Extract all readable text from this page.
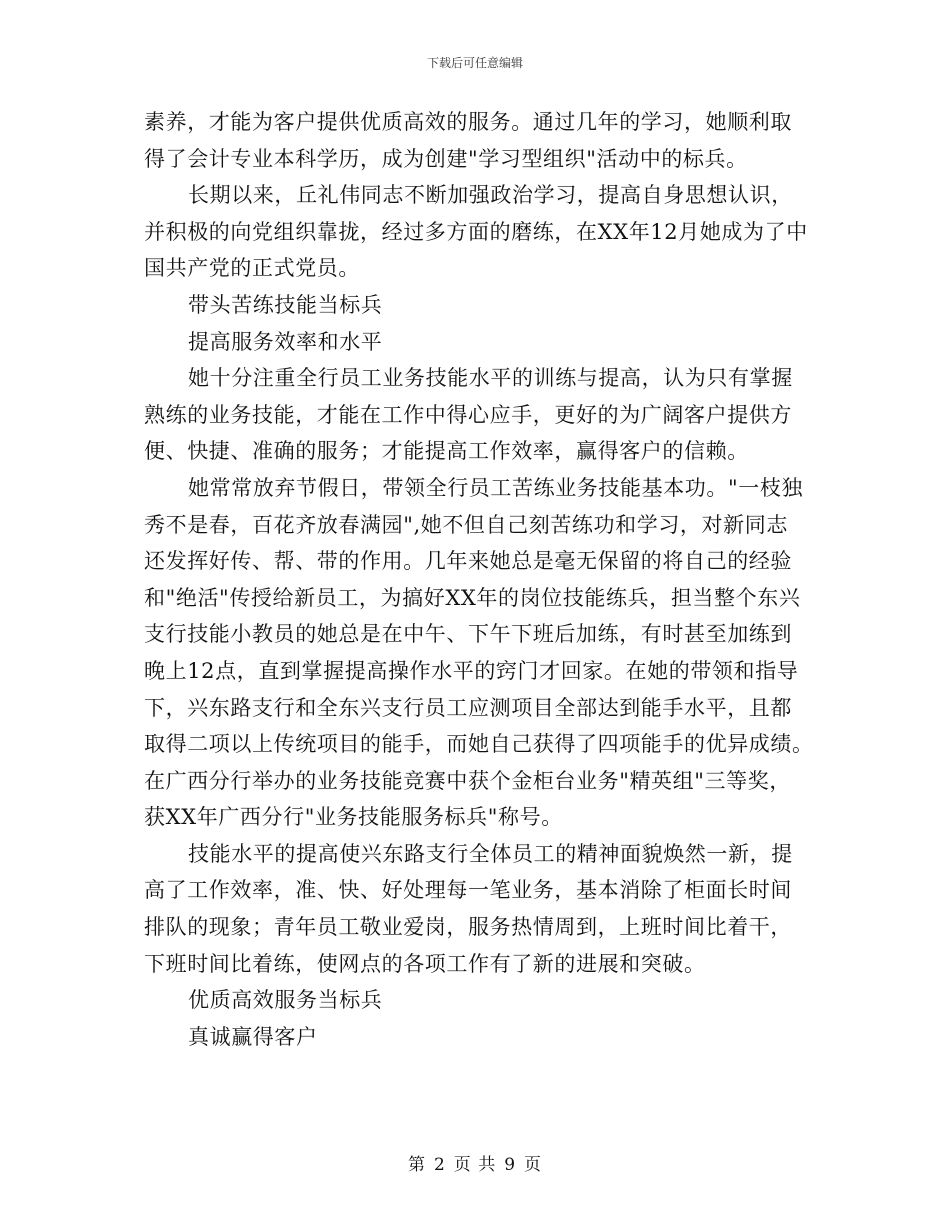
下载后可任意编辑
素养，才能为客户提供优质高效的服务。通过几年的学习，她顺利取
得了会计专业本科学历，成为创建"学习型组织"活动中的标兵。
长期以来，丘礼伟同志不断加强政治学习，提高自身思想认识，
并积极的向党组织靠拢，经过多方面的磨练，在XX年12月她成为了中
国共产党的正式党员。
带头苦练技能当标兵
提高服务效率和水平
她十分注重全行员工业务技能水平的训练与提高，认为只有掌握
熟练的业务技能，才能在工作中得心应手，更好的为广阔客户提供方
便、快捷、准确的服务；才能提高工作效率，赢得客户的信赖。
她常常放弃节假日，带领全行员工苦练业务技能基本功。"一枝独
秀不是春，百花齐放春满园",她不但自己刻苦练功和学习，对新同志
还发挥好传、帮、带的作用。几年来她总是毫无保留的将自己的经验
和"绝活"传授给新员工，为搞好XX年的岗位技能练兵，担当整个东兴
支行技能小教员的她总是在中午、下午下班后加练，有时甚至加练到
晚上12点，直到掌握提高操作水平的窍门才回家。在她的带领和指导
下，兴东路支行和全东兴支行员工应测项目全部达到能手水平，且都
取得二项以上传统项目的能手，而她自己获得了四项能手的优异成绩。
在广西分行举办的业务技能竞赛中获个金柜台业务"精英组"三等奖，
获XX年广西分行"业务技能服务标兵"称号。
技能水平的提高使兴东路支行全体员工的精神面貌焕然一新，提
高了工作效率，准、快、好处理每一笔业务，基本消除了柜面长时间
排队的现象；青年员工敬业爱岗，服务热情周到，上班时间比着干，
下班时间比着练，使网点的各项工作有了新的进展和突破。
优质高效服务当标兵
真诚赢得客户
第 2 页 共 9 页
